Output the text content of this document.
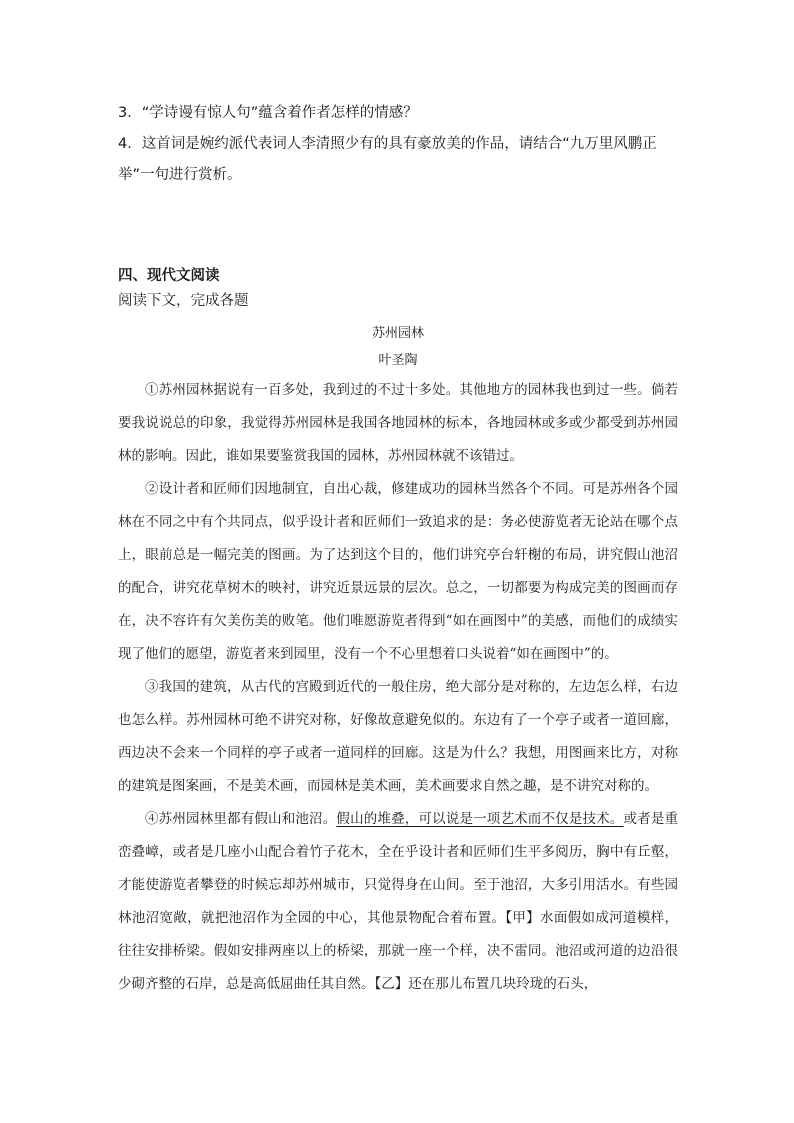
3．“学诗谩有惊人句”蕴含着作者怎样的情感？

4．这首词是婉约派代表词人李清照少有的具有豪放美的作品，请结合“九万里风鹏正举”一句进行赏析。

四、现代文阅读
阅读下文，完成各题
苏州园林
叶圣陶

①苏州园林据说有一百多处，我到过的不过十多处。其他地方的园林我也到过一些。倘若要我说说总的印象，我觉得苏州园林是我国各地园林的标本，各地园林或多或少都受到苏州园林的影响。因此，谁如果要鉴赏我国的园林，苏州园林就不该错过。

②设计者和匠师们因地制宜，自出心裁，修建成功的园林当然各个不同。可是苏州各个园林在不同之中有个共同点，似乎设计者和匠师们一致追求的是：务必使游览者无论站在哪个点上，眼前总是一幅完美的图画。为了达到这个目的，他们讲究亭台轩榭的布局，讲究假山池沼的配合，讲究花草树木的映衬，讲究近景远景的层次。总之，一切都要为构成完美的图画而存在，决不容许有欠美伤美的败笔。他们唯愿游览者得到“如在画图中”的美感，而他们的成绩实现了他们的愿望，游览者来到园里，没有一个不心里想着口头说着“如在画图中”的。

③我国的建筑，从古代的宫殿到近代的一般住房，绝大部分是对称的，左边怎么样，右边也怎么样。苏州园林可绝不讲究对称，好像故意避免似的。东边有了一个亭子或者一道回廊，西边决不会来一个同样的亭子或者一道同样的回廊。这是为什么？我想，用图画来比方，对称的建筑是图案画，不是美术画，而园林是美术画，美术画要求自然之趣，是不讲究对称的。

④苏州园林里都有假山和池沼。假山的堆叠，可以说是一项艺术而不仅是技术。或者是重峦叠嶂，或者是几座小山配合着竹子花木，全在乎设计者和匠师们生平多阅历，胸中有丘壑，才能使游览者攀登的时候忘却苏州城市，只觉得身在山间。至于池沼，大多引用活水。有些园林池沼宽敞，就把池沼作为全园的中心，其他景物配合着布置。【甲】水面假如成河道模样，往往安排桥梁。假如安排两座以上的桥梁，那就一座一个样，决不雷同。池沼或河道的边沿很少砌齐整的石岸，总是高低屈曲任其自然。【乙】还在那儿布置几块玲珑的石头，
